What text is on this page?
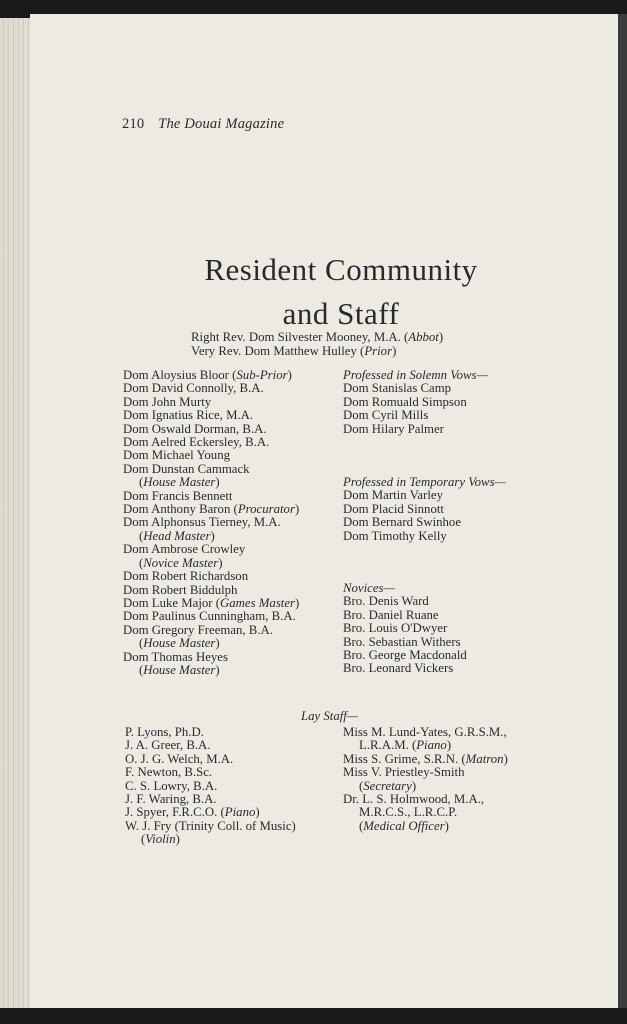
210 The Douai Magazine
Resident Community
and Staff
Right Rev. Dom Silvester Mooney, M.A. (Abbot)
Very Rev. Dom Matthew Hulley (Prior)
Dom Aloysius Bloor (Sub-Prior)
Dom David Connolly, B.A.
Dom John Murty
Dom Ignatius Rice, M.A.
Dom Oswald Dorman, B.A.
Dom Aelred Eckersley, B.A.
Dom Michael Young
Dom Dunstan Cammack
(House Master)
Dom Francis Bennett
Dom Anthony Baron (Procurator)
Dom Alphonsus Tierney, M.A.
(Head Master)
Dom Ambrose Crowley
(Novice Master)
Dom Robert Richardson
Dom Robert Biddulph
Dom Luke Major (Games Master)
Dom Paulinus Cunningham, B.A.
Dom Gregory Freeman, B.A.
(House Master)
Dom Thomas Heyes
(House Master)
Professed in Solemn Vows—
Dom Stanislas Camp
Dom Romuald Simpson
Dom Cyril Mills
Dom Hilary Palmer
Professed in Temporary Vows—
Dom Martin Varley
Dom Placid Sinnott
Dom Bernard Swinhoe
Dom Timothy Kelly
Novices—
Bro. Denis Ward
Bro. Daniel Ruane
Bro. Louis O'Dwyer
Bro. Sebastian Withers
Bro. George Macdonald
Bro. Leonard Vickers
Lay Staff—
P. Lyons, Ph.D.
J. A. Greer, B.A.
O. J. G. Welch, M.A.
F. Newton, B.Sc.
C. S. Lowry, B.A.
J. F. Waring, B.A.
J. Spyer, F.R.C.O. (Piano)
W. J. Fry (Trinity Coll. of Music)
(Violin)
Miss M. Lund-Yates, G.R.S.M.,
L.R.A.M. (Piano)
Miss S. Grime, S.R.N. (Matron)
Miss V. Priestley-Smith
(Secretary)
Dr. L. S. Holmwood, M.A.,
M.R.C.S., L.R.C.P.
(Medical Officer)
